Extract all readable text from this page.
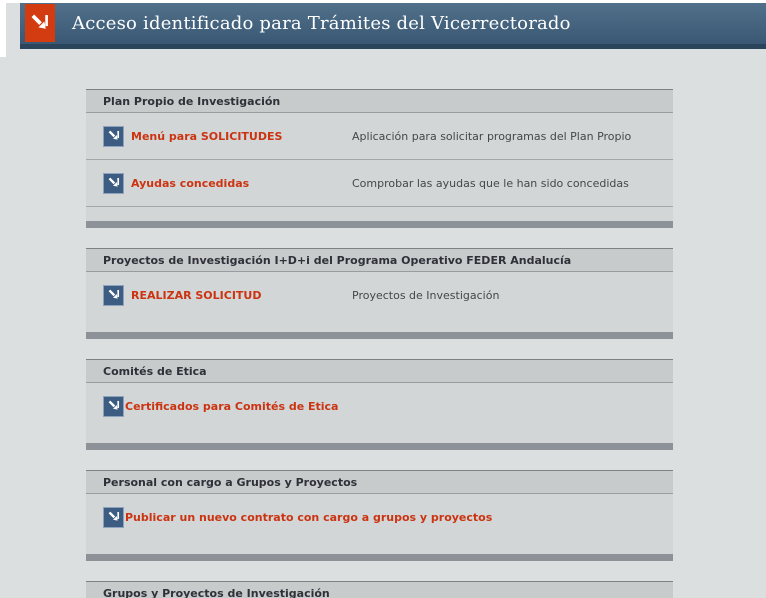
Acceso identificado para Trámites del Vicerrectorado
Plan Propio de Investigación
Menú para SOLICITUDES	Aplicación para solicitar programas del Plan Propio
Ayudas concedidas	Comprobar las ayudas que le han sido concedidas
Proyectos de Investigación I+D+i del Programa Operativo FEDER Andalucía
REALIZAR SOLICITUD	Proyectos de Investigación
Comités de Etica
Certificados para Comités de Etica
Personal con cargo a Grupos y Proyectos
Publicar un nuevo contrato con cargo a grupos y proyectos
Grupos y Proyectos de Investigación
